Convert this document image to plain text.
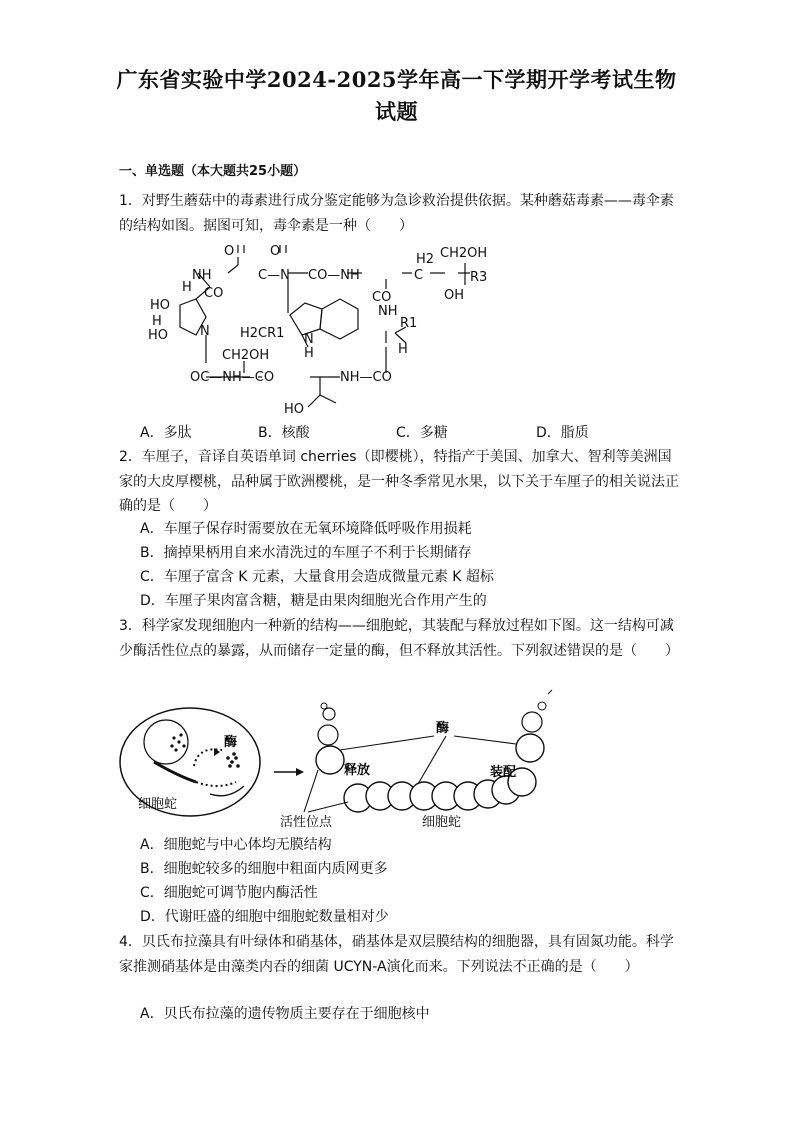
广东省实验中学2024-2025学年高一下学期开学考试生物
试题
一、单选题（本大题共25小题）
1．对野生蘑菇中的毒素进行成分鉴定能够为急诊救治提供依据。某种蘑菇毒素——毒伞素的结构如图。据图可知，毒伞素是一种（　　）
O	O
NH	C—N CO—NH
H2
C
CH2OH
R3
OH
HO
H CO
H
HO N H2CR1 N
H
CO
NH
R1
H
OC—NH—CO
CH2OH
NH—CO
HO
A．多肽	B．核酸	C．多糖	D．脂质
2．车厘子，音译自英语单词 cherries（即樱桃），特指产于美国、加拿大、智利等美洲国家的大皮厚樱桃，品种属于欧洲樱桃，是一种冬季常见水果，以下关于车厘子的相关说法正确的是（　　）
A．车厘子保存时需要放在无氧环境降低呼吸作用损耗
B．摘掉果柄用自来水清洗过的车厘子不利于长期储存
C．车厘子富含 K 元素，大量食用会造成微量元素 K 超标
D．车厘子果肉富含糖，糖是由果肉细胞光合作用产生的
3．科学家发现细胞内一种新的结构——细胞蛇，其装配与释放过程如下图。这一结构可减少酶活性位点的暴露，从而储存一定量的酶，但不释放其活性。下列叙述错误的是（　　）
酶
细胞蛇
释放
酶
装配
活性位点	细胞蛇
A．细胞蛇与中心体均无膜结构
B．细胞蛇较多的细胞中粗面内质网更多
C．细胞蛇可调节胞内酶活性
D．代谢旺盛的细胞中细胞蛇数量相对少
4．贝氏布拉藻具有叶绿体和硝基体，硝基体是双层膜结构的细胞器，具有固氮功能。科学家推测硝基体是由藻类内吞的细菌 UCYN-A演化而来。下列说法不正确的是（　　）
A．贝氏布拉藻的遗传物质主要存在于细胞核中
